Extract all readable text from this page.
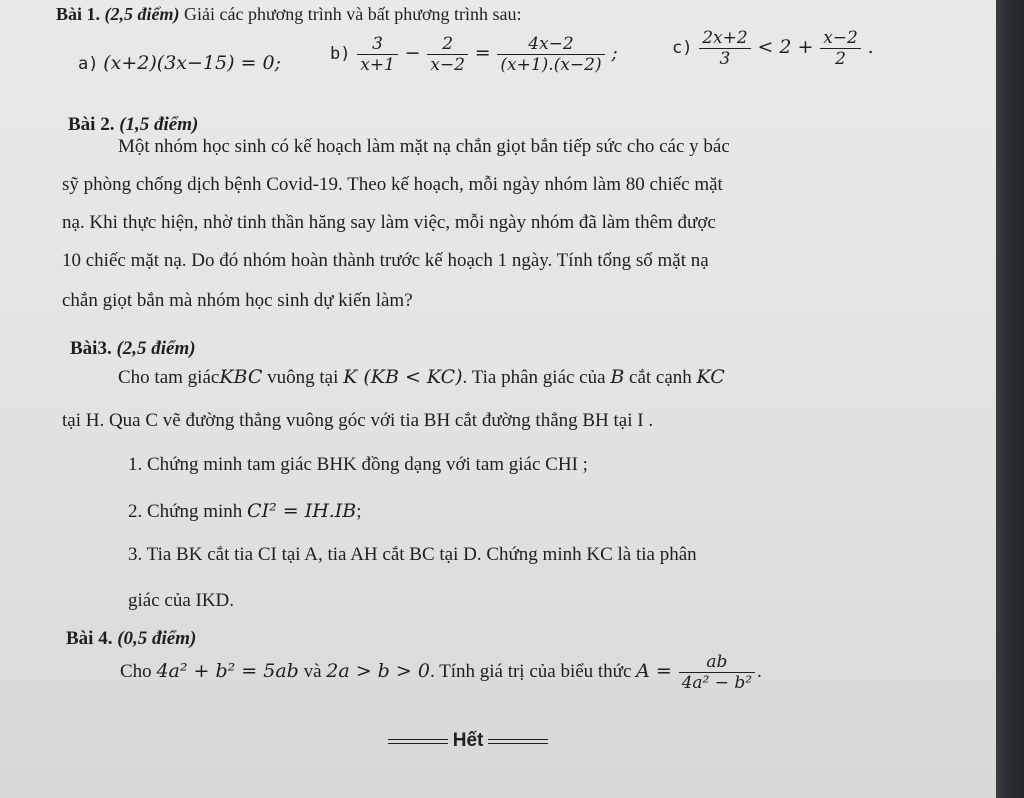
Bài 1. (2,5 điểm) Giải các phương trình và bất phương trình sau:
a) (x+2)(3x−15) = 0;	$b) \frac{3}{x+1} - \frac{2}{x-2} = \frac{4x-2}{(x+1).(x-2)}$ ;	$c) \frac{2x+2}{3} < 2 + \frac{x-2}{2}$ .
Bài 2. (1,5 điểm)
Một nhóm học sinh có kế hoạch làm mặt nạ chắn giọt bắn tiếp sức cho các y bác
sỹ phòng chống dịch bệnh Covid-19. Theo kế hoạch, mỗi ngày nhóm làm 80 chiếc mặt
nạ. Khi thực hiện, nhờ tinh thần hăng say làm việc, mỗi ngày nhóm đã làm thêm được
10 chiếc mặt nạ. Do đó nhóm hoàn thành trước kế hoạch 1 ngày. Tính tổng số mặt nạ
chắn giọt bắn mà nhóm học sinh dự kiến làm?
Bài3. (2,5 điểm)
Cho tam giácKBC vuông tại K (KB < KC). Tia phân giác của B cắt cạnh KC
tại H. Qua C vẽ đường thẳng vuông góc với tia BH cắt đường thẳng BH tại I .
1. Chứng minh tam giác BHK đồng dạng với tam giác CHI ;
2. Chứng minh CI² = IH.IB;
3. Tia BK cắt tia CI tại A, tia AH cắt BC tại D. Chứng minh KC là tia phân
giác của IKD.
Bài 4. (0,5 điểm)
Cho 4a² + b² = 5ab và 2a > b > 0. Tính giá trị của biểu thức $A = \frac{ab}{\text{4a² − b²}}$ .
Hết
